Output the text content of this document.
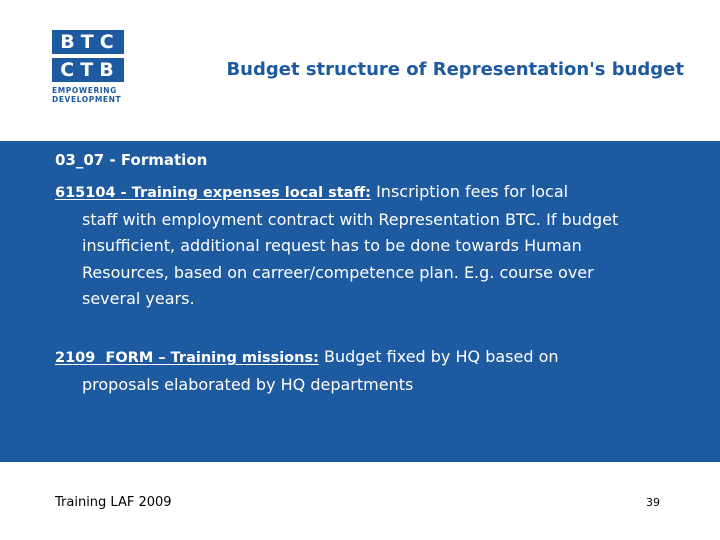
BTC
CTB
EMPOWERING
DEVELOPMENT
Budget structure of Representation's budget
03_07 - Formation
615104 - Training expenses local staff: Inscription fees for local
staff with employment contract with Representation BTC. If budget
insufficient, additional request has to be done towards Human
Resources, based on carreer/competence plan. E.g. course over
several years.
2109  FORM – Training missions: Budget fixed by HQ based on
proposals elaborated by HQ departments
Training LAF 2009	39
